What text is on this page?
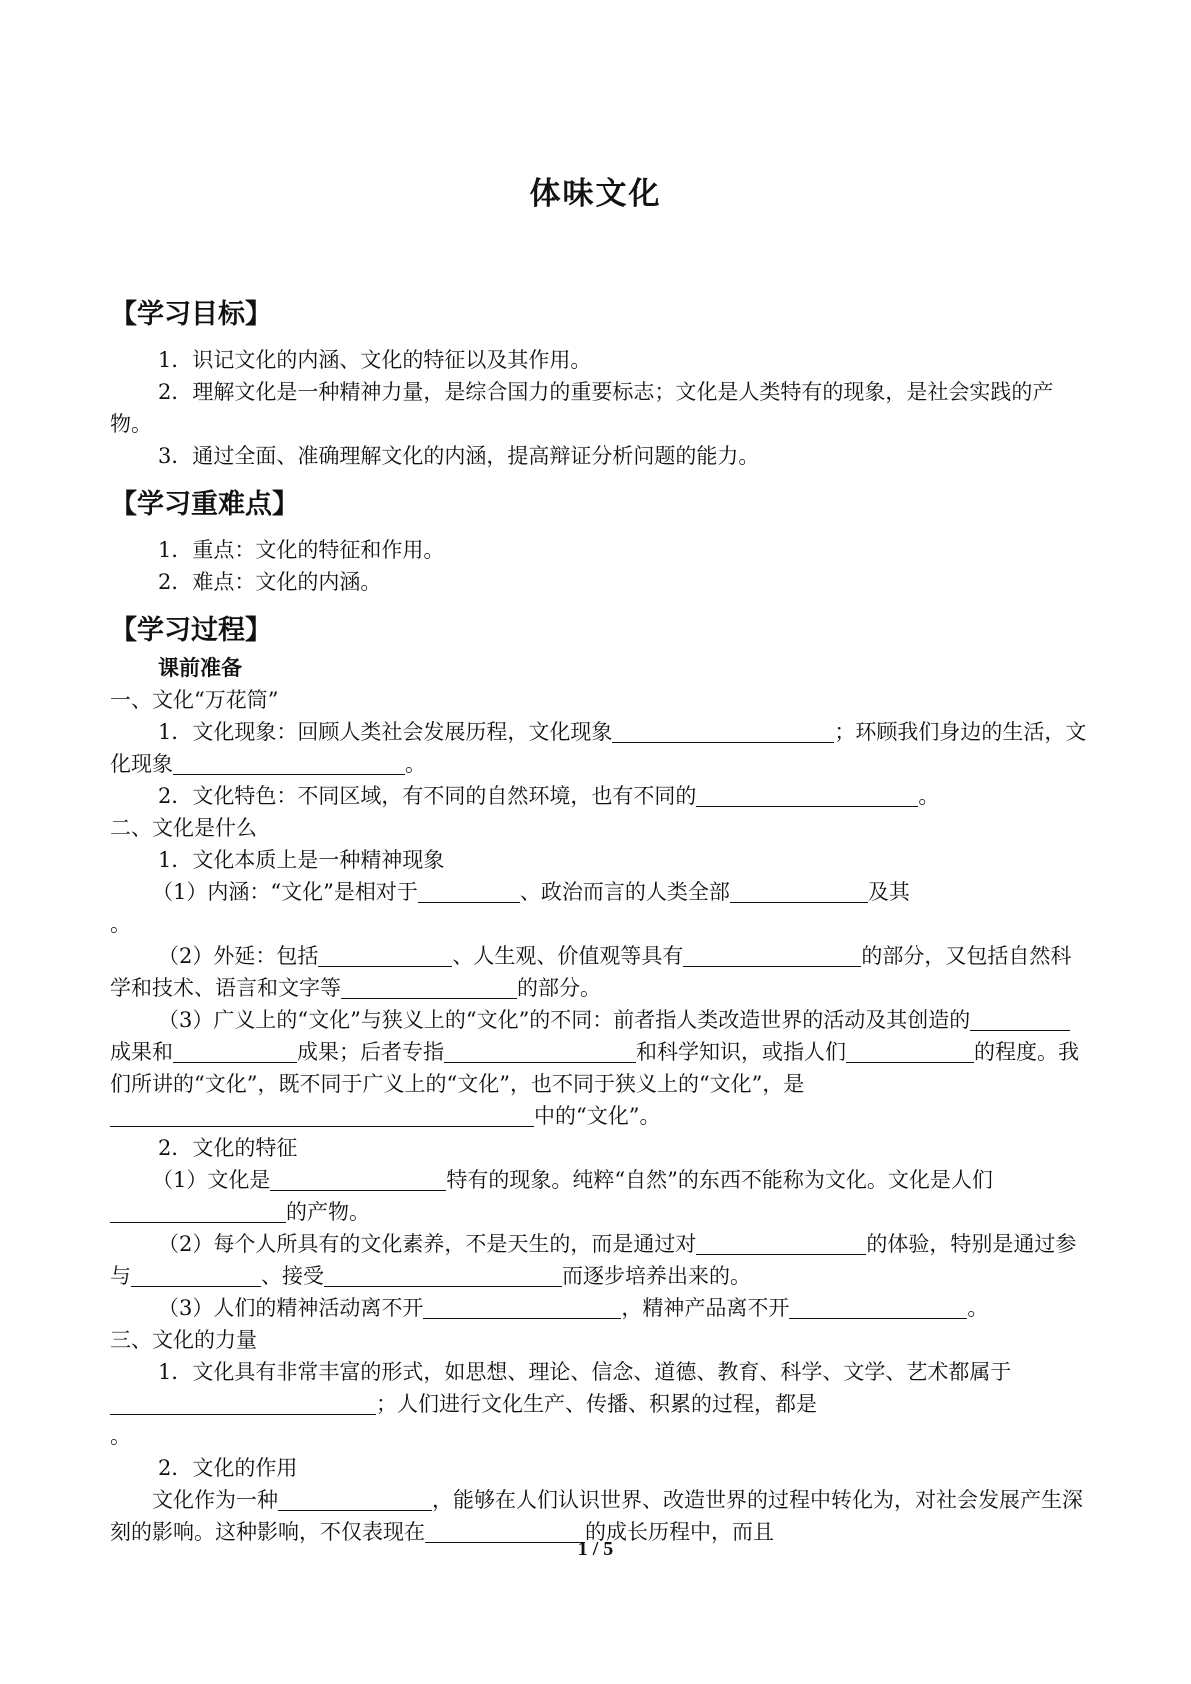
体味文化
【学习目标】

1．识记文化的内涵、文化的特征以及其作用。

2．理解文化是一种精神力量，是综合国力的重要标志；文化是人类特有的现象，是社会实践的产物。

3．通过全面、准确理解文化的内涵，提高辩证分析问题的能力。

【学习重难点】

1．重点：文化的特征和作用。

2．难点：文化的内涵。

【学习过程】
课前准备

一、文化“万花筒”

1．文化现象：回顾人类社会发展历程，文化现象	；环顾我们身边的生活，文化现象	。

2．文化特色：不同区域，有不同的自然环境，也有不同的	。

二、文化是什么

1．文化本质上是一种精神现象

（1）内涵：“文化”是相对于	、政治而言的人类全部	及其
。

（2）外延：包括	、人生观、价值观等具有	的部分，又包括自然科学和技术、语言和文字等	的部分。

（3）广义上的“文化”与狭义上的“文化”的不同：前者指人类改造世界的活动及其创造的成果和	成果；后者专指	和科学知识，或指人们	的程度。我们所讲的“文化”，既不同于广义上的“文化”，也不同于狭义上的“文化”，是中的“文化”。

2．文化的特征

（1）文化是	特有的现象。纯粹“自然”的东西不能称为文化。文化是人们的产物。

（2）每个人所具有的文化素养，不是天生的，而是通过对	的体验，特别是通过参与	、接受	而逐步培养出来的。

（3）人们的精神活动离不开	，精神产品离不开	。

三、文化的力量

1．文化具有非常丰富的形式，如思想、理论、信念、道德、教育、科学、文学、艺术都属于；人们进行文化生产、传播、积累的过程，都是
。

2．文化的作用

文化作为一种	，能够在人们认识世界、改造世界的过程中转化为，对社会发展产生深刻的影响。这种影响，不仅表现在	的成长历程中，而且

1 / 5
